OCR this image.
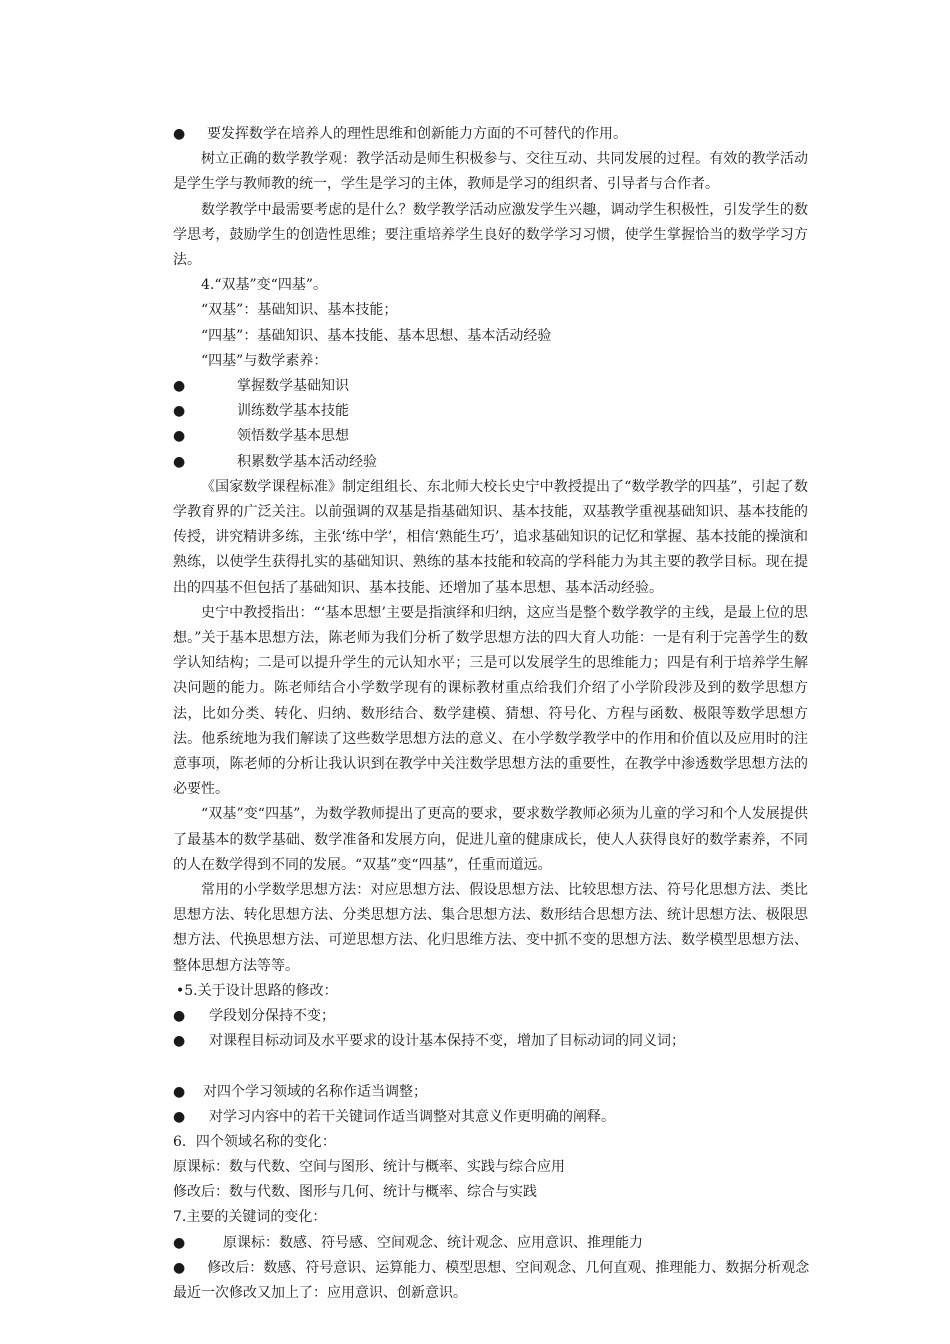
● 要发挥数学在培养人的理性思维和创新能力方面的不可替代的作用。

树立正确的数学教学观：教学活动是师生积极参与、交往互动、共同发展的过程。有效的教学活动是学生学与教师教的统一，学生是学习的主体，教师是学习的组织者、引导者与合作者。

数学教学中最需要考虑的是什么？数学教学活动应激发学生兴趣，调动学生积极性，引发学生的数学思考，鼓励学生的创造性思维；要注重培养学生良好的数学学习习惯，使学生掌握恰当的数学学习方法。

4.“双基”变“四基”。
“双基”：基础知识、基本技能；
“四基”：基础知识、基本技能、基本思想、基本活动经验
“四基”与数学素养：
●	掌握数学基础知识
●	训练数学基本技能
●	领悟数学基本思想
●	积累数学基本活动经验

《国家数学课程标准》制定组组长、东北师大校长史宁中教授提出了“数学教学的四基”，引起了数学教育界的广泛关注。以前强调的双基是指基础知识、基本技能，双基教学重视基础知识、基本技能的传授，讲究精讲多练，主张‘练中学’，相信‘熟能生巧’，追求基础知识的记忆和掌握、基本技能的操演和熟练，以使学生获得扎实的基础知识、熟练的基本技能和较高的学科能力为其主要的教学目标。现在提出的四基不但包括了基础知识、基本技能、还增加了基本思想、基本活动经验。

史宁中教授指出：“‘基本思想’主要是指演绎和归纳，这应当是整个数学教学的主线，是最上位的思想。”关于基本思想方法，陈老师为我们分析了数学思想方法的四大育人功能：一是有利于完善学生的数学认知结构；二是可以提升学生的元认知水平；三是可以发展学生的思维能力；四是有利于培养学生解决问题的能力。陈老师结合小学数学现有的课标教材重点给我们介绍了小学阶段涉及到的数学思想方法，比如分类、转化、归纳、数形结合、数学建模、猜想、符号化、方程与函数、极限等数学思想方法。他系统地为我们解读了这些数学思想方法的意义、在小学数学教学中的作用和价值以及应用时的注意事项，陈老师的分析让我认识到在教学中关注数学思想方法的重要性，在教学中渗透数学思想方法的必要性。

“双基”变“四基”，为数学教师提出了更高的要求，要求数学教师必须为儿童的学习和个人发展提供了最基本的数学基础、数学准备和发展方向，促进儿童的健康成长，使人人获得良好的数学素养，不同的人在数学得到不同的发展。“双基”变“四基”，任重而道远。

常用的小学数学思想方法：对应思想方法、假设思想方法、比较思想方法、符号化思想方法、类比思想方法、转化思想方法、分类思想方法、集合思想方法、数形结合思想方法、统计思想方法、极限思想方法、代换思想方法、可逆思想方法、化归思维方法、变中抓不变的思想方法、数学模型思想方法、整体思想方法等等。

•5.关于设计思路的修改：
● 学段划分保持不变；
● 对课程目标动词及水平要求的设计基本保持不变，增加了目标动词的同义词；
● 对四个学习领域的名称作适当调整；
● 对学习内容中的若干关键词作适当调整对其意义作更明确的阐释。
6．四个领域名称的变化：
原课标：数与代数、空间与图形、统计与概率、实践与综合应用
修改后：数与代数、图形与几何、统计与概率、综合与实践
7.主要的关键词的变化：
●	原课标：数感、符号感、空间观念、统计观念、应用意识、推理能力
● 修改后：数感、符号意识、运算能力、模型思想、空间观念、几何直观、推理能力、数据分析观念
最近一次修改又加上了：应用意识、创新意识。
